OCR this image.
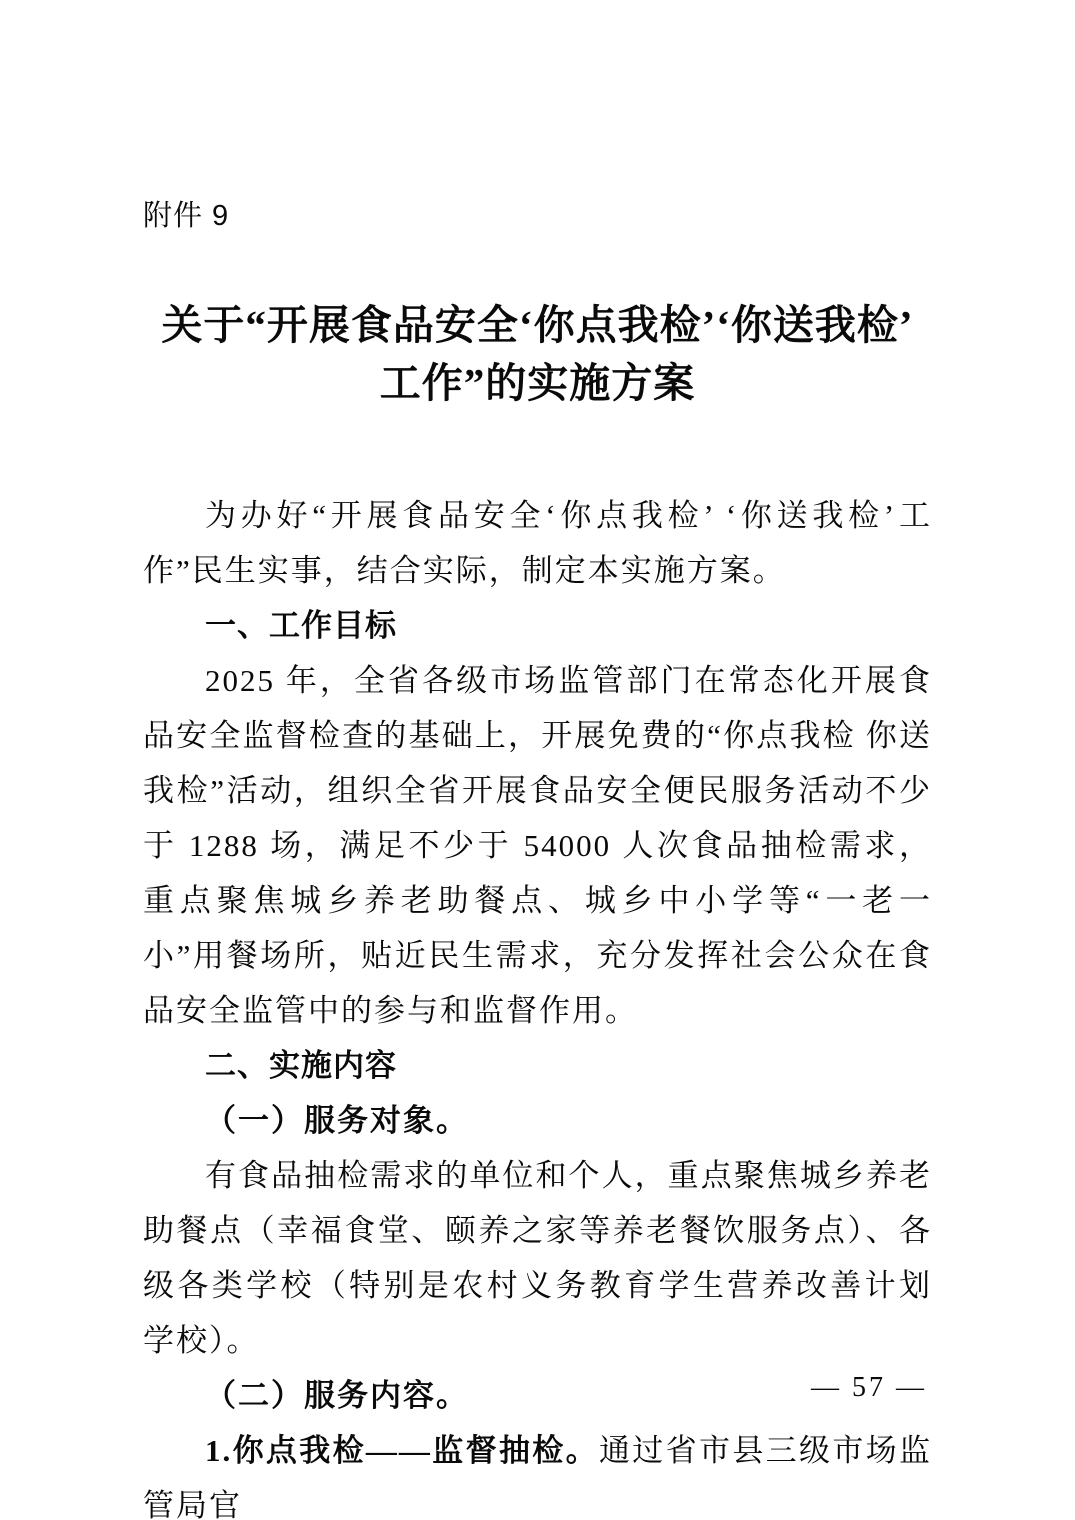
附件 9
关于“开展食品安全‘你点我检’‘你送我检’
工作”的实施方案

为办好“开展食品安全‘你点我检’ ‘你送我检’工作”民生实事，结合实际，制定本实施方案。

一、工作目标

2025 年，全省各级市场监管部门在常态化开展食品安全监督检查的基础上，开展免费的“你点我检 你送我检”活动，组织全省开展食品安全便民服务活动不少于 1288 场，满足不少于 54000 人次食品抽检需求，重点聚焦城乡养老助餐点、城乡中小学等“一老一小”用餐场所，贴近民生需求，充分发挥社会公众在食品安全监管中的参与和监督作用。

二、实施内容
（一）服务对象。

有食品抽检需求的单位和个人，重点聚焦城乡养老助餐点（幸福食堂、颐养之家等养老餐饮服务点）、各级各类学校（特别是农村义务教育学生营养改善计划学校）。

（二）服务内容。

1.你点我检——监督抽检。通过省市县三级市场监管局官

— 57 —
